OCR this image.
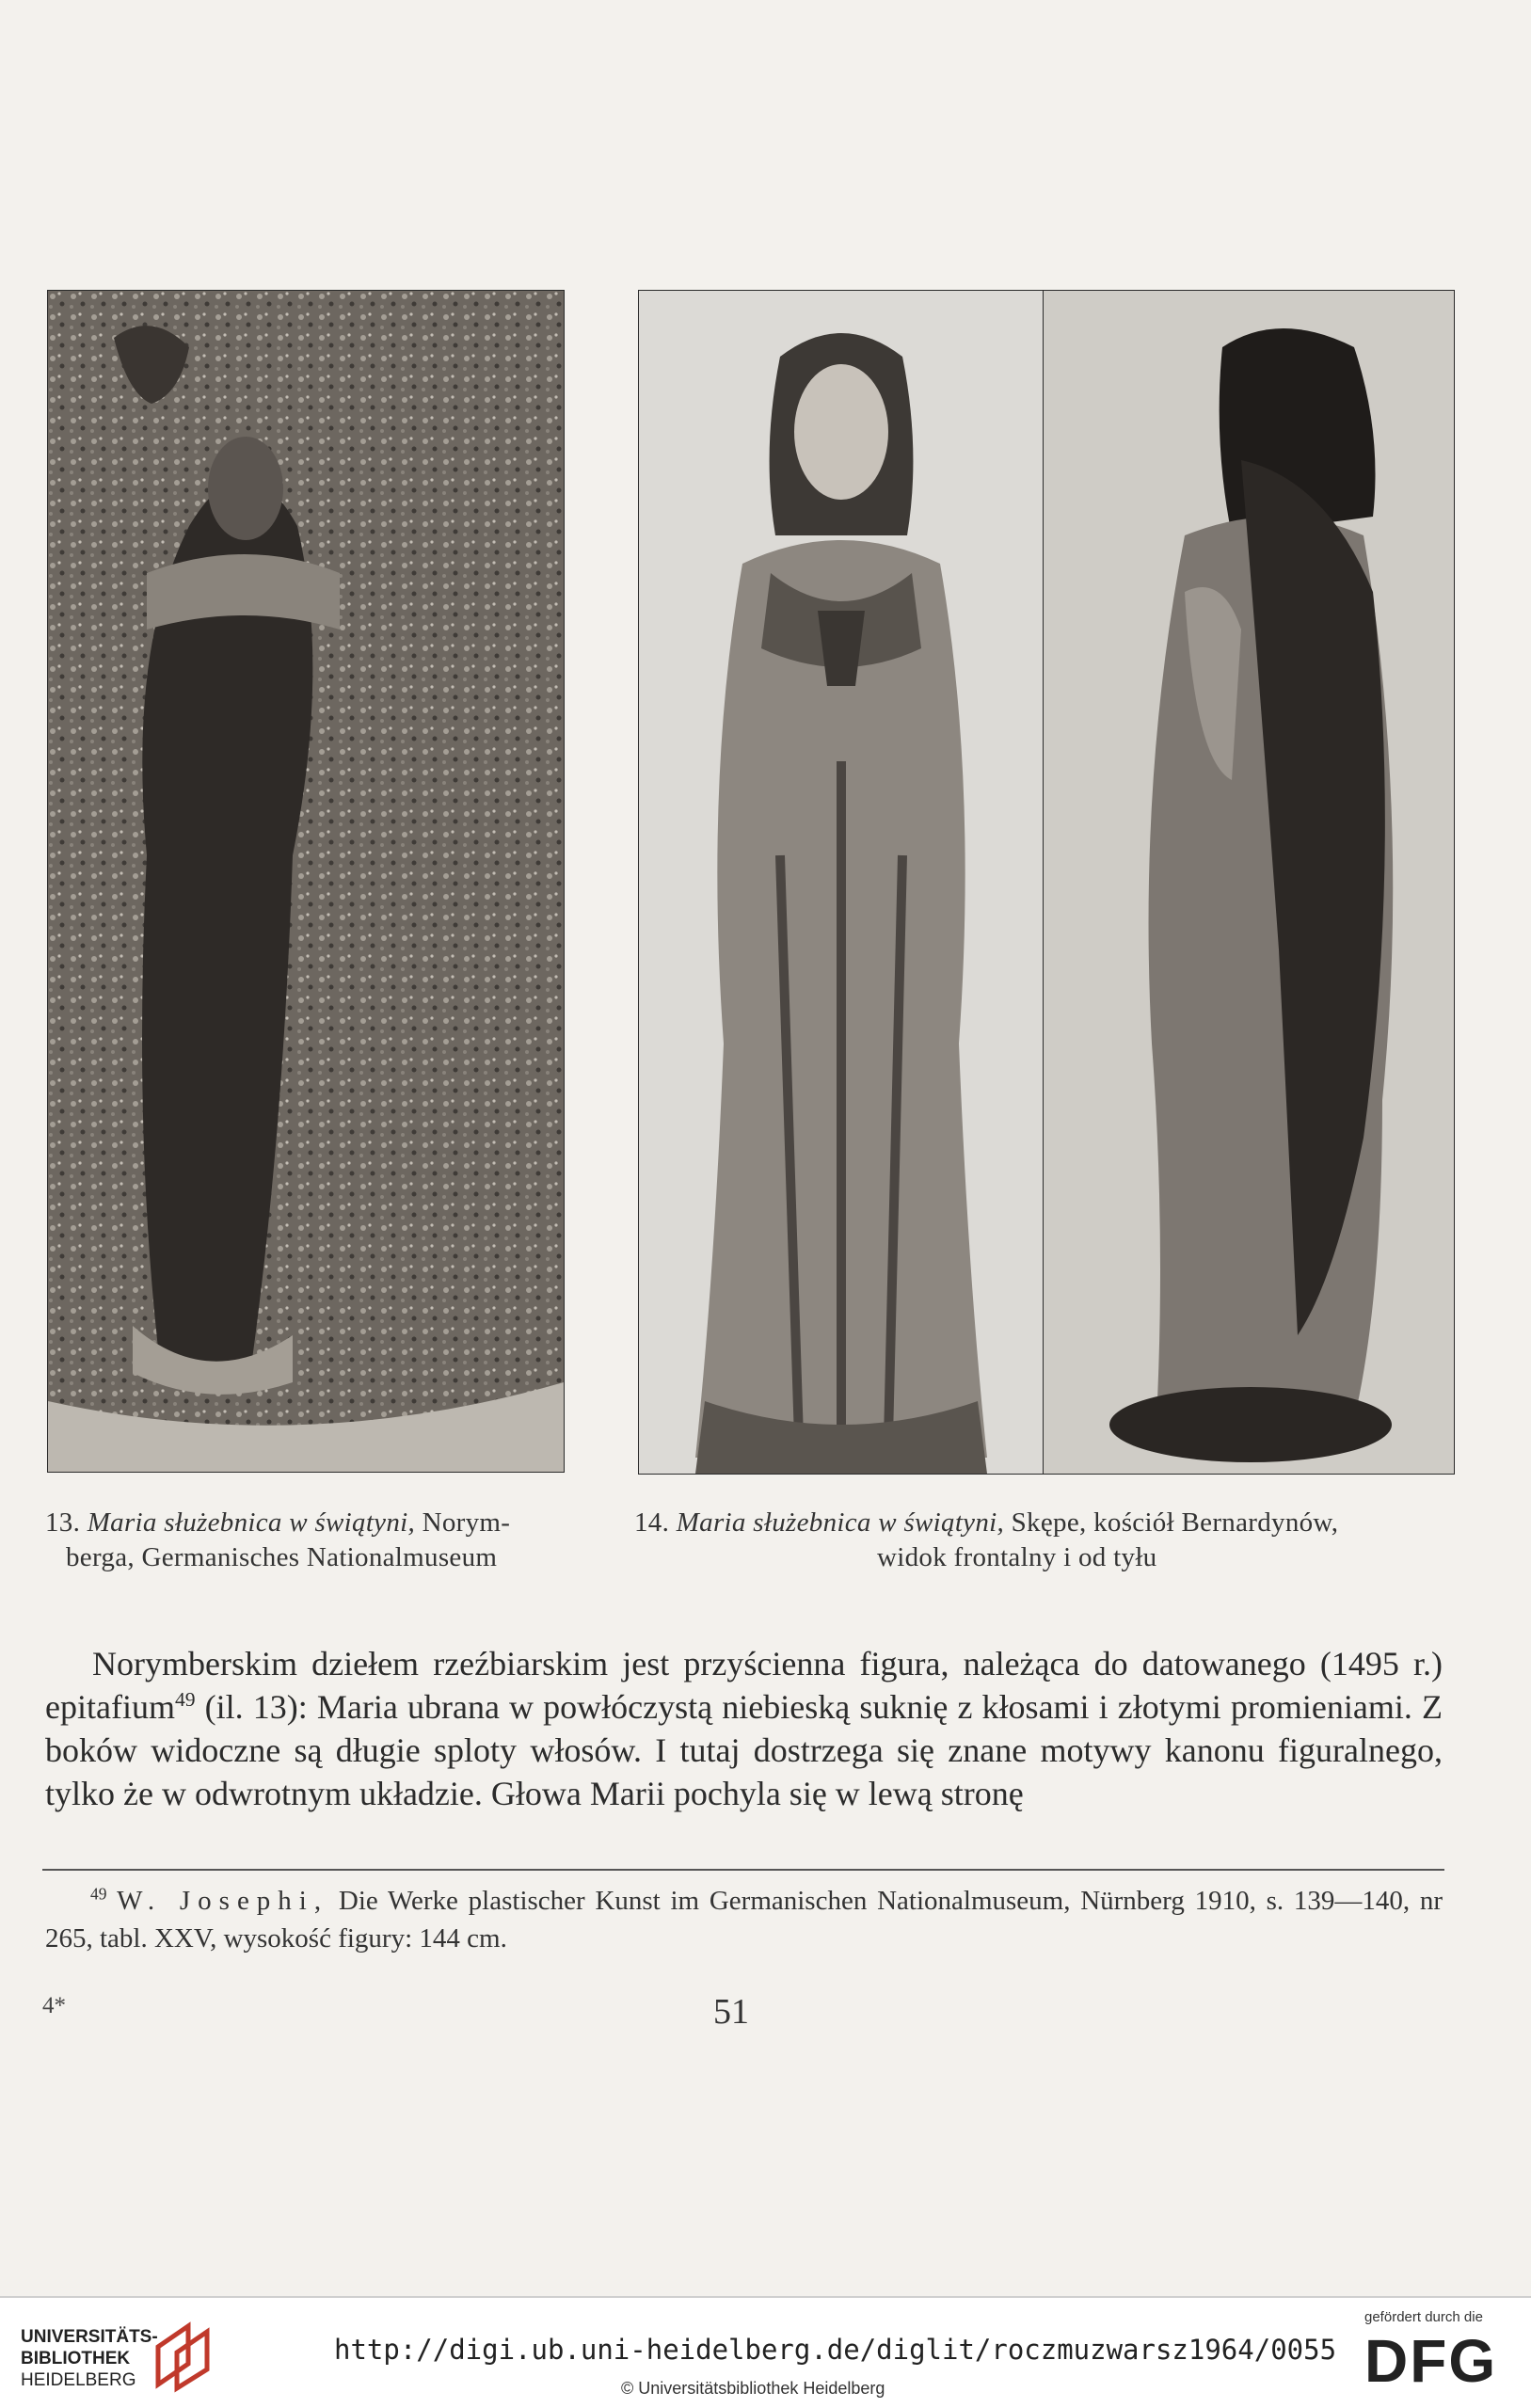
13. Maria służebnica w świątyni, Norym-
berga, Germanisches Nationalmuseum
14. Maria służebnica w świątyni, Skępe, kościół Bernardynów,
widok frontalny i od tyłu
Norymberskim dziełem rzeźbiarskim jest przyścienna figura, należąca do datowanego (1495 r.) epitafium$^{49}$ (il. 13): Maria ubrana w powłóczystą niebieską suknię z kłosami i złotymi promieniami. Z boków widoczne są długie sploty włosów. I tutaj dostrzega się znane motywy kanonu figuralnego, tylko że w odwrotnym układzie. Głowa Marii pochyla się w lewą stronę
$^{49}$ W. Josephi, Die Werke plastischer Kunst im Germanischen Nationalmuseum, Nürnberg 1910, s. 139—140, nr 265, tabl. XXV, wysokość figury: 144 cm.
4*	51
UNIVERSITÄTS-
BIBLIOTHEK
HEIDELBERG
http://digi.ub.uni-heidelberg.de/diglit/roczmuzwarsz1964/0055
© Universitätsbibliothek Heidelberg
gefördert durch die
DFG
